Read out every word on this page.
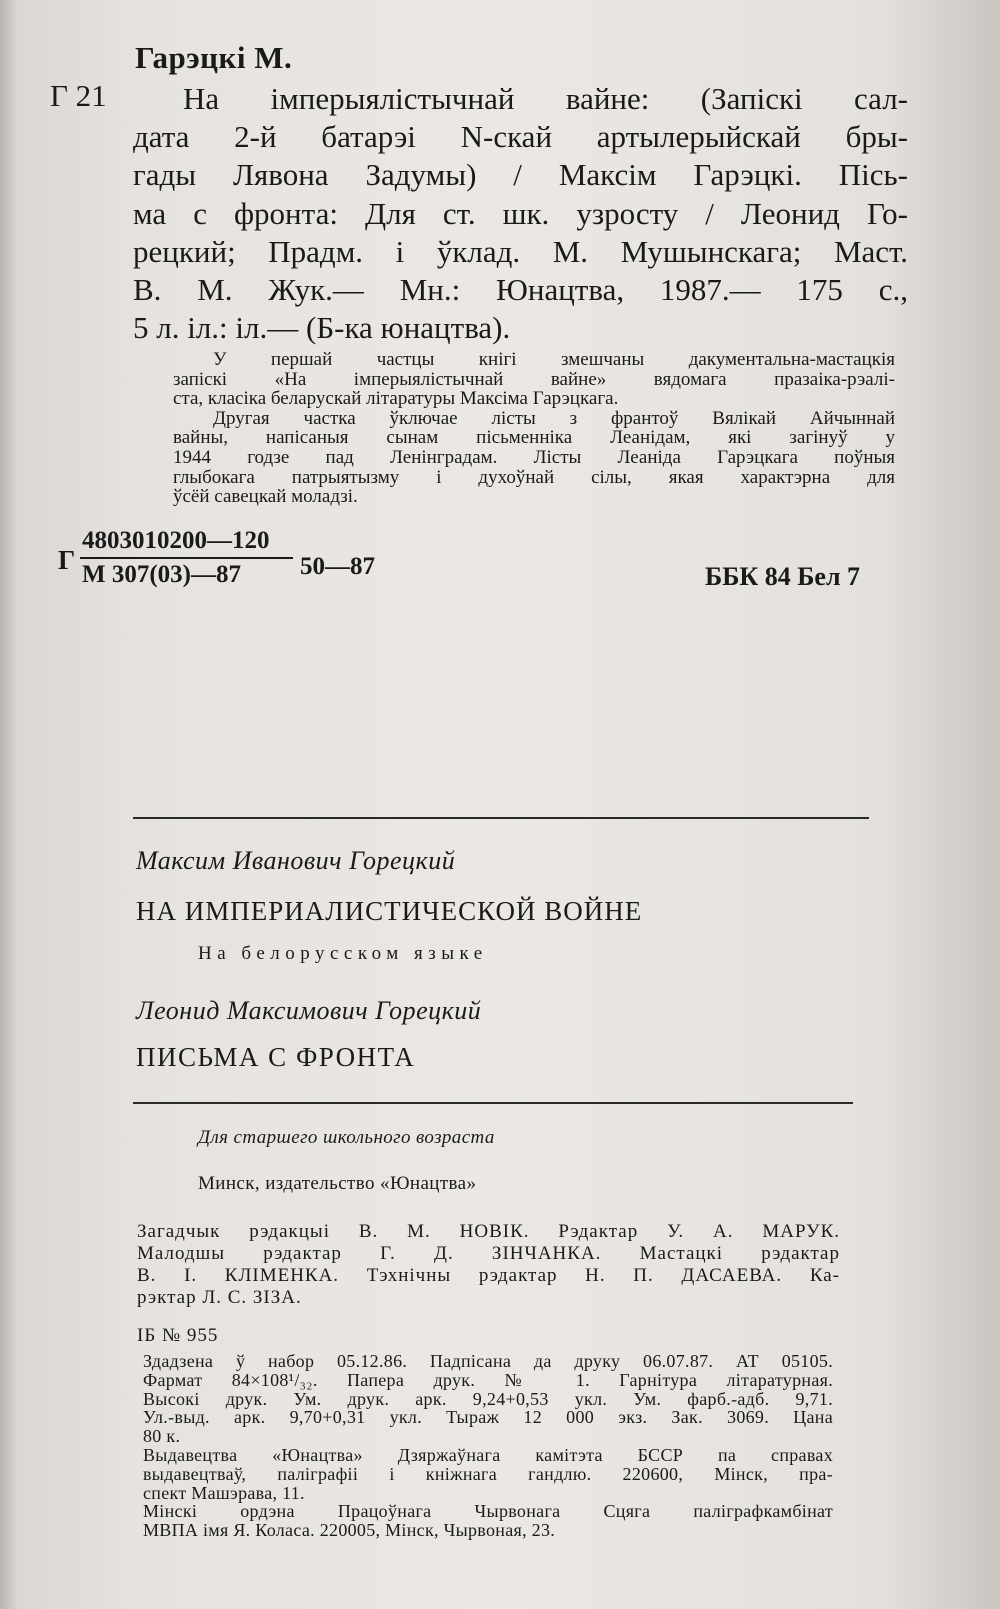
Гарэцкі М.
Г 21	На імперыялістычнай вайне: (Запіскі сал-
дата 2-й батарэі N-скай артылерыйскай бры-
гады Лявона Задумы) / Максім Гарэцкі. Пісь-
ма с фронта: Для ст. шк. узросту / Леонид Го-
рецкий; Прадм. і ўклад. М. Мушынскага; Маст.
В. М. Жук.— Мн.: Юнацтва, 1987.— 175 с.,
5 л. іл.: іл.— (Б-ка юнацтва).

У першай частцы кнігі змешчаны дакументальна-мастацкія
запіскі «На імперыялістычнай вайне» вядомага празаіка-рэалі-
ста, класіка беларускай літаратуры Максіма Гарэцкага.

Другая частка ўключае лісты з франтоў Вялікай Айчыннай
вайны, напісаныя сынам пісьменніка Леанідам, які загінуў у
1944 годзе пад Ленінградам. Лісты Леаніда Гарэцкага поўныя
глыбокага патрыятызму і духоўнай сілы, якая характэрна для
ўсёй савецкай моладзі.

Г
4803010200—120
М 307(03)—87 50—87	ББК 84 Бел 7
Максим Иванович Горецкий
НА ИМПЕРИАЛИСТИЧЕСКОЙ ВОЙНЕ
На белорусском языке
Леонид Максимович Горецкий
ПИСЬМА С ФРОНТА
Для старшего школьного возраста
Минск, издательство «Юнацтва»
Загадчык рэдакцыі В. М. НОВІК. Рэдактар У. А. МАРУК.
Малодшы рэдактар Г. Д. ЗІНЧАНКА. Мастацкі рэдактар
В. І. КЛІМЕНКА. Тэхнічны рэдактар Н. П. ДАСАЕВА. Ка-
рэктар Л. С. ЗІЗА.
ІБ № 955
Здадзена ў набор 05.12.86. Падпісана да друку 06.07.87. АТ 05105.
Фармат 84×108¹/₃₂. Папера друк. № 1. Гарнітура літаратурная.
Высокі друк. Ум. друк. арк. 9,24+0,53 укл. Ум. фарб.-адб. 9,71.
Ул.-выд. арк. 9,70+0,31 укл. Тыраж 12 000 экз. Зак. 3069. Цана
80 к.
Выдавецтва «Юнацтва» Дзяржаўнага камітэта БССР па справах
выдавецтваў, паліграфіі і кніжнага гандлю. 220600, Мінск, пра-
спект Машэрава, 11.
Мінскі ордэна Працоўнага Чырвонага Сцяга паліграфкамбінат
МВПА імя Я. Коласа. 220005, Мінск, Чырвоная, 23.
